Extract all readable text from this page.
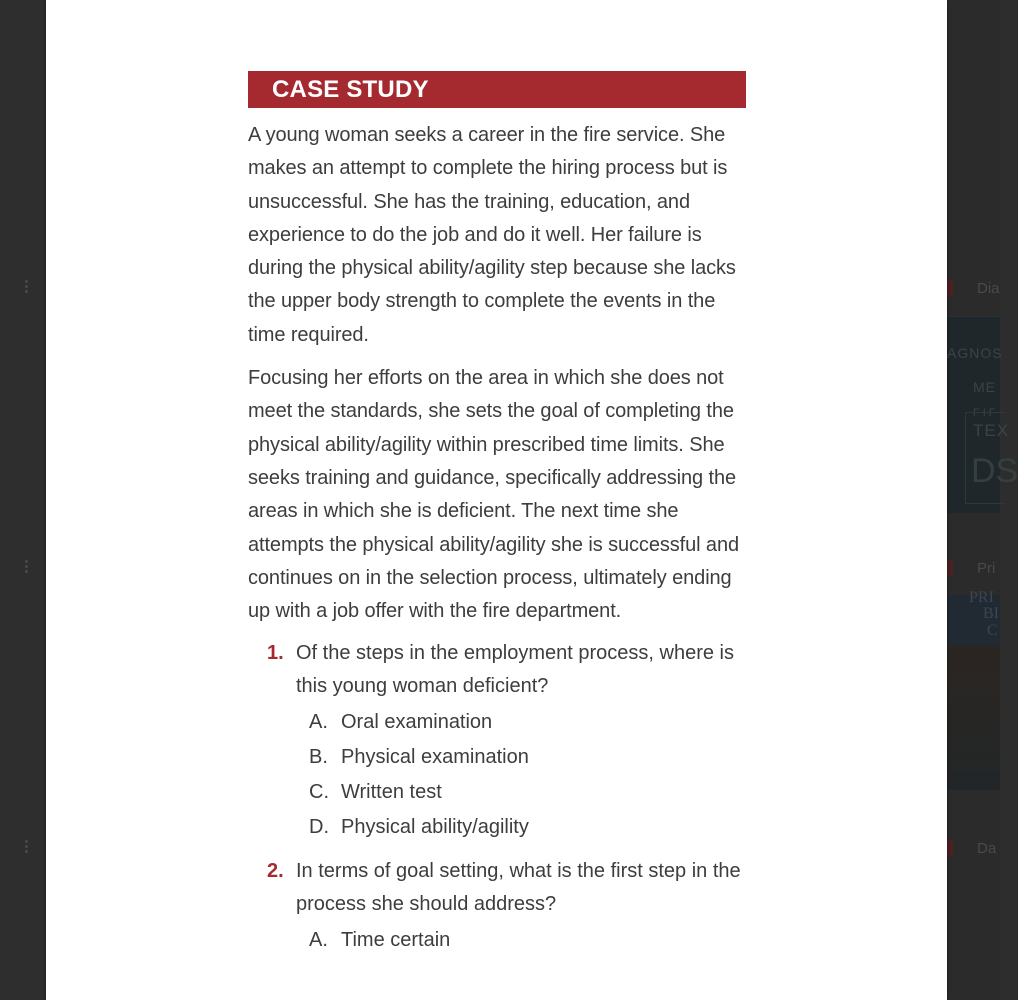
Dia
AGNOS
ME
FIF
TEX
DS
Pri
PRI
BI
C
Da
CASE STUDY

A young woman seeks a career in the fire service. She makes an attempt to complete the hiring process but is unsuccessful. She has the training, education, and experience to do the job and do it well. Her failure is during the physical ability/agility step because she lacks the upper body strength to complete the events in the time required.

Focusing her efforts on the area in which she does not meet the standards, she sets the goal of completing the physical ability/agility within prescribed time limits. She seeks training and guidance, specifically addressing the areas in which she is deficient. The next time she attempts the physical ability/agility she is successful and continues on in the selection process, ultimately ending up with a job offer with the fire department.

1. Of the steps in the employment process, where is this young woman deficient?
A. Oral examination
B. Physical examination
C. Written test
D. Physical ability/agility
2. In terms of goal setting, what is the first step in the process she should address?
A. Time certain
